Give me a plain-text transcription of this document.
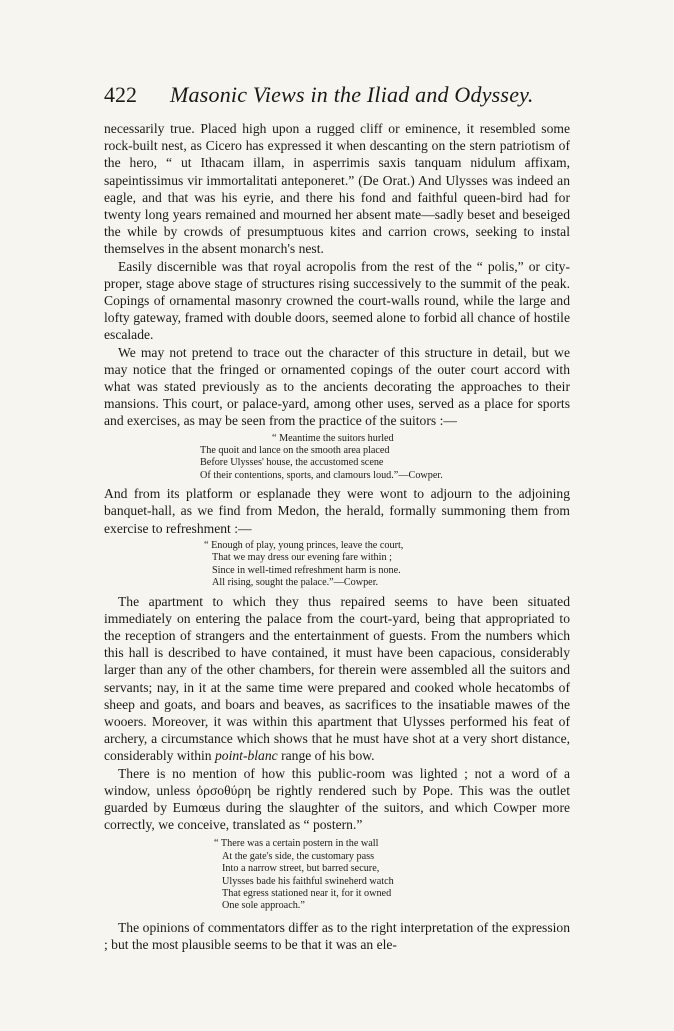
422 Masonic Views in the Iliad and Odyssey.

necessarily true. Placed high upon a rugged cliff or eminence, it resembled some rock-built nest, as Cicero has expressed it when descanting on the stern patriotism of the hero, “ ut Ithacam illam, in asperrimis saxis tanquam nidulum affixam, sapeintissimus vir immortalitati anteponeret.” (De Orat.) And Ulysses was indeed an eagle, and that was his eyrie, and there his fond and faithful queen-bird had for twenty long years remained and mourned her absent mate—sadly beset and beseiged the while by crowds of presumptuous kites and carrion crows, seeking to instal themselves in the absent monarch's nest.

Easily discernible was that royal acropolis from the rest of the “ polis,” or city-proper, stage above stage of structures rising successively to the summit of the peak. Copings of ornamental masonry crowned the court-walls round, while the large and lofty gateway, framed with double doors, seemed alone to forbid all chance of hostile escalade.

We may not pretend to trace out the character of this structure in detail, but we may notice that the fringed or ornamented copings of the outer court accord with what was stated previously as to the ancients decorating the approaches to their mansions. This court, or palace-yard, among other uses, served as a place for sports and exercises, as may be seen from the practice of the suitors :—

“ Meantime the suitors hurled
The quoit and lance on the smooth area placed
Before Ulysses' house, the accustomed scene
Of their contentions, sports, and clamours loud.”—Cowper.

And from its platform or esplanade they were wont to adjourn to the adjoining banquet-hall, as we find from Medon, the herald, formally summoning them from exercise to refreshment :—

“ Enough of play, young princes, leave the court,
That we may dress our evening fare within ;
Since in well-timed refreshment harm is none.
All rising, sought the palace.”—Cowper.

The apartment to which they thus repaired seems to have been situated immediately on entering the palace from the court-yard, being that appropriated to the reception of strangers and the entertainment of guests. From the numbers which this hall is described to have contained, it must have been capacious, considerably larger than any of the other chambers, for therein were assembled all the suitors and servants; nay, in it at the same time were prepared and cooked whole hecatombs of sheep and goats, and boars and beaves, as sacrifices to the insatiable mawes of the wooers. Moreover, it was within this apartment that Ulysses performed his feat of archery, a circumstance which shows that he must have shot at a very short distance, considerably within point-blanc range of his bow.

There is no mention of how this public-room was lighted ; not a word of a window, unless ὀρσοθύρη be rightly rendered such by Pope. This was the outlet guarded by Eumœus during the slaughter of the suitors, and which Cowper more correctly, we conceive, translated as “ postern.”

“ There was a certain postern in the wall
At the gate's side, the customary pass
Into a narrow street, but barred secure,
Ulysses bade his faithful swineherd watch
That egress stationed near it, for it owned
One sole approach.”

The opinions of commentators differ as to the right interpretation of the expression ; but the most plausible seems to be that it was an ele-
